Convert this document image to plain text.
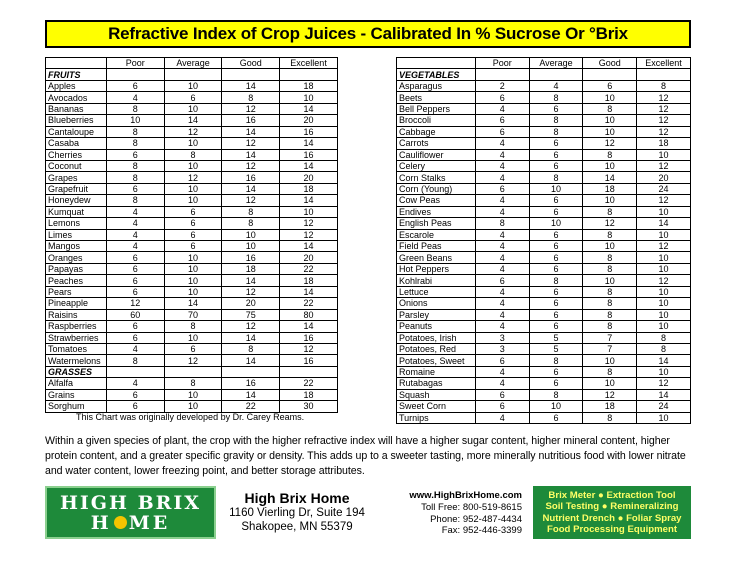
Refractive Index of Crop Juices - Calibrated In % Sucrose Or °Brix
	Poor	Average	Good	Excellent
FRUITS				
Apples	6	10	14	18
Avocados	4	6	8	10
Bananas	8	10	12	14
Blueberries	10	14	16	20
Cantaloupe	8	12	14	16
Casaba	8	10	12	14
Cherries	6	8	14	16
Coconut	8	10	12	14
Grapes	8	12	16	20
Grapefruit	6	10	14	18
Honeydew	8	10	12	14
Kumquat	4	6	8	10
Lemons	4	6	8	12
Limes	4	6	10	12
Mangos	4	6	10	14
Oranges	6	10	16	20
Papayas	6	10	18	22
Peaches	6	10	14	18
Pears	6	10	12	14
Pineapple	12	14	20	22
Raisins	60	70	75	80
Raspberries	6	8	12	14
Strawberries	6	10	14	16
Tomatoes	4	6	8	12
Watermelons	8	12	14	16
GRASSES				
Alfalfa	4	8	16	22
Grains	6	10	14	18
Sorghum	6	10	22	30
	Poor	Average	Good	Excellent
VEGETABLES				
Asparagus	2	4	6	8
Beets	6	8	10	12
Bell Peppers	4	6	8	12
Broccoli	6	8	10	12
Cabbage	6	8	10	12
Carrots	4	6	12	18
Cauliflower	4	6	8	10
Celery	4	6	10	12
Corn Stalks	4	8	14	20
Corn (Young)	6	10	18	24
Cow Peas	4	6	10	12
Endives	4	6	8	10
English Peas	8	10	12	14
Escarole	4	6	8	10
Field Peas	4	6	10	12
Green Beans	4	6	8	10
Hot Peppers	4	6	8	10
Kohlrabi	6	8	10	12
Lettuce	4	6	8	10
Onions	4	6	8	10
Parsley	4	6	8	10
Peanuts	4	6	8	10
Potatoes, Irish	3	5	7	8
Potatoes, Red	3	5	7	8
Potatoes, Sweet	6	8	10	14
Romaine	4	6	8	10
Rutabagas	4	6	10	12
Squash	6	8	12	14
Sweet Corn	6	10	18	24
Turnips	4	6	8	10
This Chart was originally developed by Dr. Carey Reams.
Within a given species of plant, the crop with the higher refractive index will have a higher sugar content, higher mineral content, higher protein content, and a greater specific gravity or density. This adds up to a sweeter tasting, more minerally nutritious food with lower nitrate and water content, lower freezing point, and better storage attributes.
HIGH BRIX
H ME
High Brix Home
1160 Vierling Dr, Suite 194
Shakopee, MN 55379
www.HighBrixHome.com
Toll Free: 800-519-8615
Phone: 952-487-4434
Fax: 952-446-3399
Brix Meter ● Extraction Tool
Soil Testing ● Remineralizing
Nutrient Drench ● Foliar Spray
Food Processing Equipment
